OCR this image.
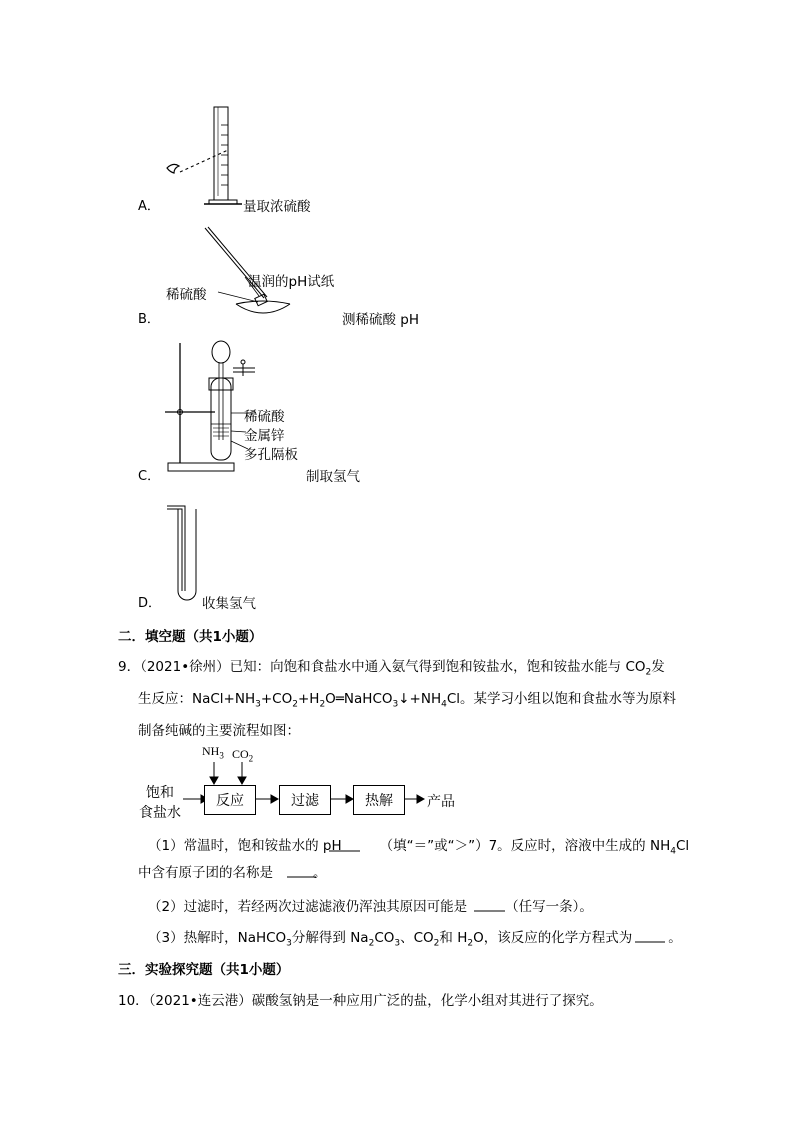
A．	量取浓硫酸
B．
稀硫酸
温润的pH试纸
测稀硫酸 pH
C．
稀硫酸
金属锌
多孔隔板
制取氢气
D．	收集氢气
二．填空题（共1小题）
9．（2021•徐州）已知：向饱和食盐水中通入氨气得到饱和铵盐水，饱和铵盐水能与 $CO_2$发
生反应：$NaCl+NH_3+CO_2+H_2O═NaHCO_3↓+NH_4Cl$。某学习小组以饱和食盐水等为原料
制备纯碱的主要流程如图：
$NH_3$ $CO_2$
饱和
食盐水
反应	过滤	热解	产品
（1）常温时，饱和铵盐水的 pH	（填“＝”或“＞”）7。反应时，溶液中生成的 $NH_4Cl$
中含有原子团的名称是	。
（2）过滤时，若经两次过滤滤液仍浑浊其原因可能是	（任写一条）。
（3）热解时，NaHCO$_3$分解得到 $Na_2CO_3$、$CO_2$和 $H_2O$，该反应的化学方程式为	。
三．实验探究题（共1小题）
10．（2021•连云港）碳酸氢钠是一种应用广泛的盐，化学小组对其进行了探究。
